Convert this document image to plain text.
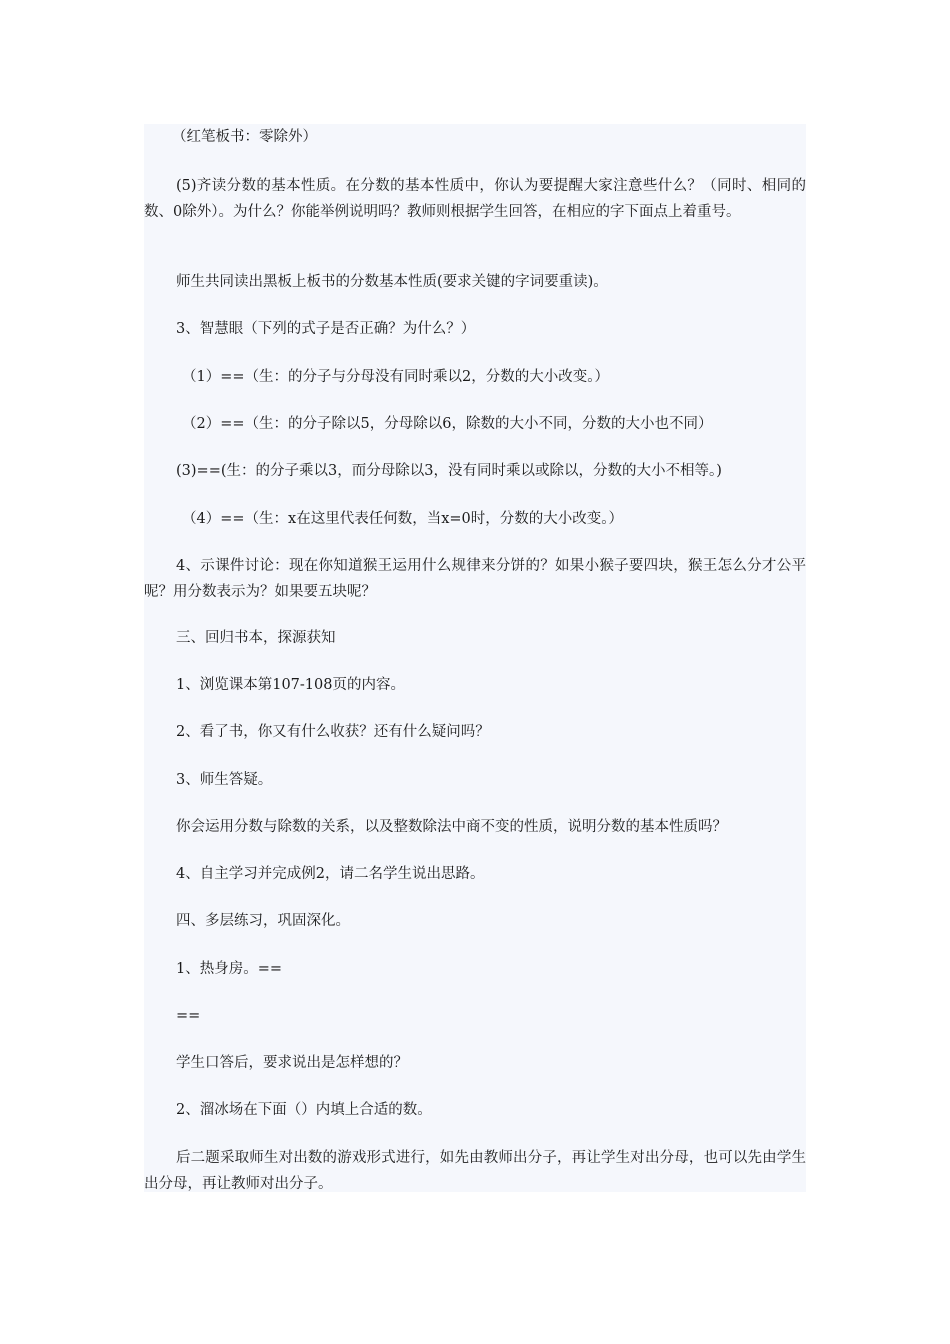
（红笔板书：零除外）

(5)齐读分数的基本性质。在分数的基本性质中，你认为要提醒大家注意些什么？（同时、相同的数、0除外）。为什么？你能举例说明吗？教师则根据学生回答，在相应的字下面点上着重号。

师生共同读出黑板上板书的分数基本性质(要求关键的字词要重读)。

3、智慧眼（下列的式子是否正确？为什么？）

（1）==（生：的分子与分母没有同时乘以2，分数的大小改变。）

（2）==（生：的分子除以5，分母除以6，除数的大小不同，分数的大小也不同）

(3)==(生：的分子乘以3，而分母除以3，没有同时乘以或除以，分数的大小不相等。)

（4）==（生：x在这里代表任何数，当x=0时，分数的大小改变。）

4、示课件讨论：现在你知道猴王运用什么规律来分饼的？如果小猴子要四块，猴王怎么分才公平呢？用分数表示为？如果要五块呢？

三、回归书本，探源获知

1、浏览课本第107-108页的内容。

2、看了书，你又有什么收获？还有什么疑问吗？

3、师生答疑。

你会运用分数与除数的关系，以及整数除法中商不变的性质，说明分数的基本性质吗？

4、自主学习并完成例2，请二名学生说出思路。

四、多层练习，巩固深化。

1、热身房。==

==

学生口答后，要求说出是怎样想的？

2、溜冰场在下面（）内填上合适的数。

后二题采取师生对出数的游戏形式进行，如先由教师出分子，再让学生对出分母，也可以先由学生出分母，再让教师对出分子。
